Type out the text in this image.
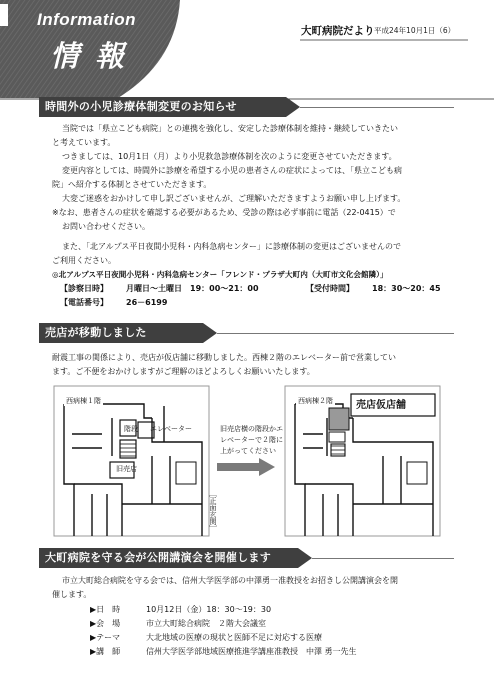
Information
情報
大町病院だより 平成24年10月1日（6）
時間外の小児診療体制変更のお知らせ
当院では「県立こども病院」との連携を強化し、安定した診療体制を維持・継続していきたい
と考えています。
つきましては、10月1日（月）より小児救急診療体制を次のように変更させていただきます。
変更内容としては、時間外に診療を希望する小児の患者さんの症状によっては、「県立こども病
院」へ紹介する体制とさせていただきます。
大変ご迷惑をおかけして申し訳ございませんが、ご理解いただきますようお願い申し上げます。
※なお、患者さんの症状を確認する必要があるため、受診の際は必ず事前に電話（22-0415）で
お問い合わせください。
また、「北アルプス平日夜間小児科・内科急病センター」に診療体制の変更はございませんので
ご利用ください。
◎北アルプス平日夜間小児科・内科急病センター「フレンド・プラザ大町内（大町市文化会館隣）」
【診察日時】 月曜日～土曜日　19：00～21：00	【受付時間】 18：30～20：45
【電話番号】 26－6199
売店が移動しました
耐震工事の関係により、売店が仮店舗に移動しました。西棟２階のエレベーター前で営業してい
ます。ご不便をおかけしますがご理解のほどよろしくお願いいたします。
西病棟１階
階段 エレベーター
旧売店
［正面玄関］
旧売店横の階段かエ
レベーターで２階に
上がってください
西病棟２階 売店仮店舗
大町病院を守る会が公開講演会を開催します
市立大町総合病院を守る会では、信州大学医学部の中澤勇一准教授をお招きし公開講演会を開
催します。
▶日　時	10月12日（金）18：30～19：30
▶会　場	市立大町総合病院　２階大会議室
▶テーマ	大北地域の医療の現状と医師不足に対応する医療
▶講　師	信州大学医学部地域医療推進学講座准教授　中澤 勇一先生
